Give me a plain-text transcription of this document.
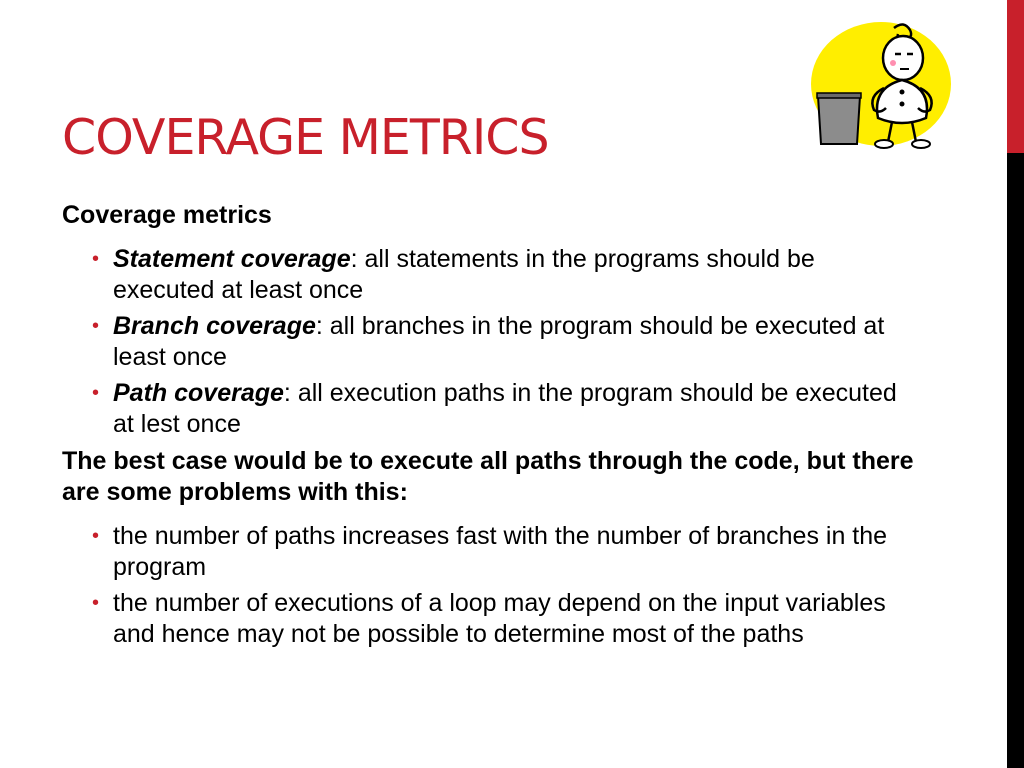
COVERAGE METRICS

Coverage metrics

• Statement coverage: all statements in the programs should be executed at least once
• Branch coverage: all branches in the program should be executed at least once
• Path coverage: all execution paths in the program should be executed at lest once

The best case would be to execute all paths through the code, but there are some problems with this:

• the number of paths increases fast with the number of branches in the program
• the number of executions of a loop may depend on the input variables and hence may not be possible to determine most of the paths
